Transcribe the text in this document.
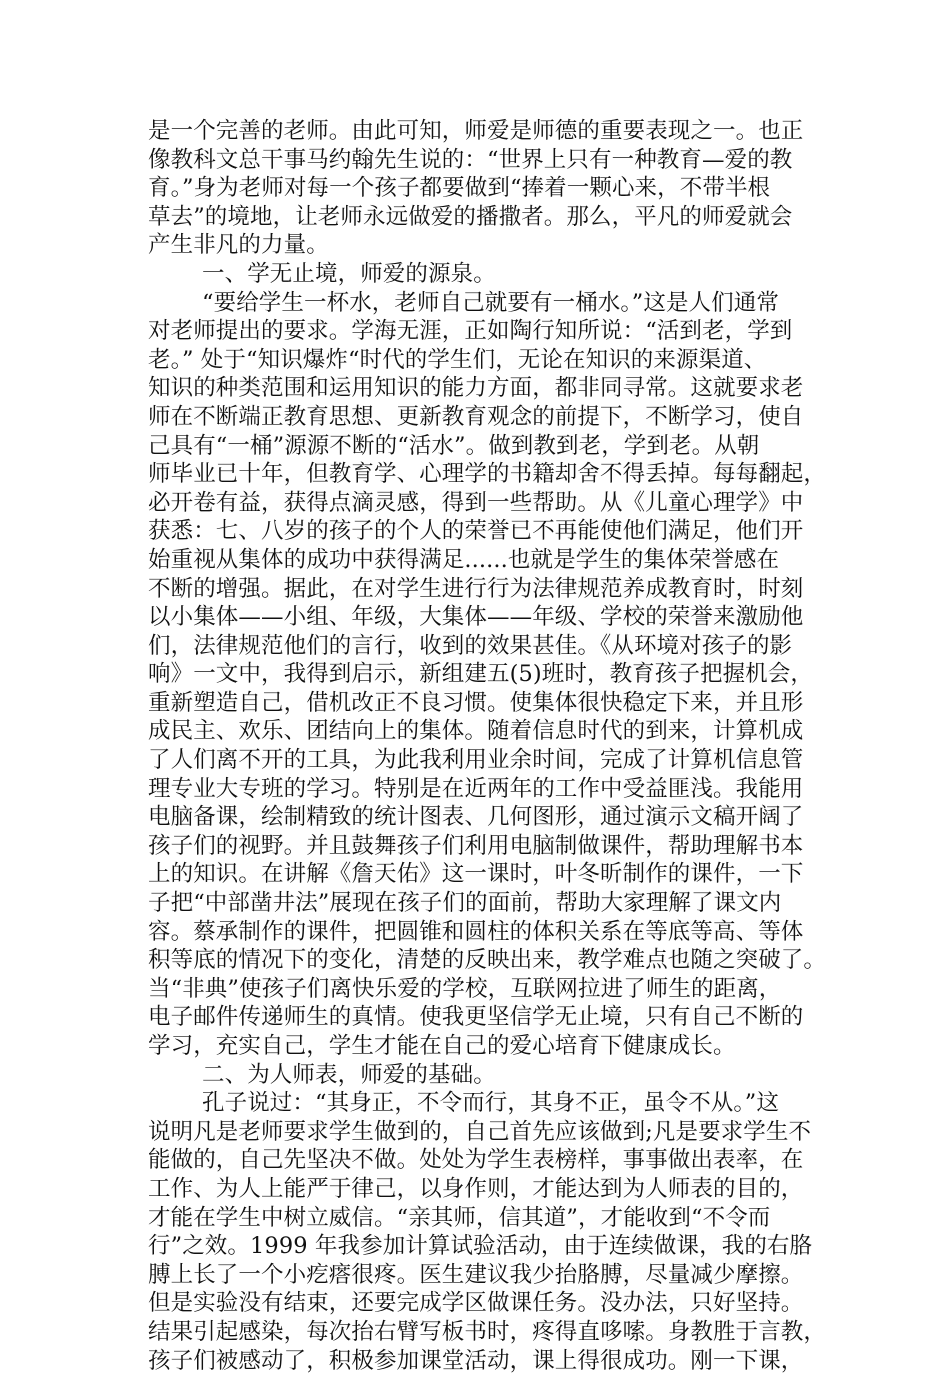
是一个完善的老师。由此可知，师爱是师德的重要表现之一。也正
像教科文总干事马约翰先生说的：“世界上只有一种教育—爱的教
育。”身为老师对每一个孩子都要做到“捧着一颗心来，不带半根
草去”的境地，让老师永远做爱的播撒者。那么，平凡的师爱就会
产生非凡的力量。
一、学无止境，师爱的源泉。
“要给学生一杯水，老师自己就要有一桶水。”这是人们通常
对老师提出的要求。学海无涯，正如陶行知所说：“活到老，学到
老。” 处于“知识爆炸“时代的学生们，无论在知识的来源渠道、
知识的种类范围和运用知识的能力方面，都非同寻常。这就要求老
师在不断端正教育思想、更新教育观念的前提下，不断学习，使自
己具有“一桶”源源不断的“活水”。做到教到老，学到老。从朝
师毕业已十年，但教育学、心理学的书籍却舍不得丢掉。每每翻起，
必开卷有益，获得点滴灵感，得到一些帮助。从《儿童心理学》中
获悉：七、八岁的孩子的个人的荣誉已不再能使他们满足，他们开
始重视从集体的成功中获得满足......也就是学生的集体荣誉感在
不断的增强。据此，在对学生进行行为法律规范养成教育时，时刻
以小集体——小组、年级，大集体——年级、学校的荣誉来激励他
们，法律规范他们的言行，收到的效果甚佳。《从环境对孩子的影
响》一文中，我得到启示，新组建五(5)班时，教育孩子把握机会，
重新塑造自己，借机改正不良习惯。使集体很快稳定下来，并且形
成民主、欢乐、团结向上的集体。随着信息时代的到来，计算机成
了人们离不开的工具，为此我利用业余时间，完成了计算机信息管
理专业大专班的学习。特别是在近两年的工作中受益匪浅。我能用
电脑备课，绘制精致的统计图表、几何图形，通过演示文稿开阔了
孩子们的视野。并且鼓舞孩子们利用电脑制做课件，帮助理解书本
上的知识。在讲解《詹天佑》这一课时，叶冬昕制作的课件，一下
子把“中部凿井法”展现在孩子们的面前，帮助大家理解了课文内
容。蔡承制作的课件，把圆锥和圆柱的体积关系在等底等高、等体
积等底的情况下的变化，清楚的反映出来，教学难点也随之突破了。
当“非典”使孩子们离快乐爱的学校，互联网拉进了师生的距离，
电子邮件传递师生的真情。使我更坚信学无止境，只有自己不断的
学习，充实自己，学生才能在自己的爱心培育下健康成长。
二、为人师表，师爱的基础。
孔子说过：“其身正，不令而行，其身不正，虽令不从。”这
说明凡是老师要求学生做到的，自己首先应该做到;凡是要求学生不
能做的，自己先坚决不做。处处为学生表榜样，事事做出表率，在
工作、为人上能严于律己，以身作则，才能达到为人师表的目的，
才能在学生中树立威信。“亲其师，信其道”，才能收到“不令而
行”之效。1999 年我参加计算试验活动，由于连续做课，我的右胳
膊上长了一个小疙瘩很疼。医生建议我少抬胳膊，尽量减少摩擦。
但是实验没有结束，还要完成学区做课任务。没办法，只好坚持。
结果引起感染，每次抬右臂写板书时，疼得直哆嗦。身教胜于言教，
孩子们被感动了，积极参加课堂活动，课上得很成功。刚一下课，
